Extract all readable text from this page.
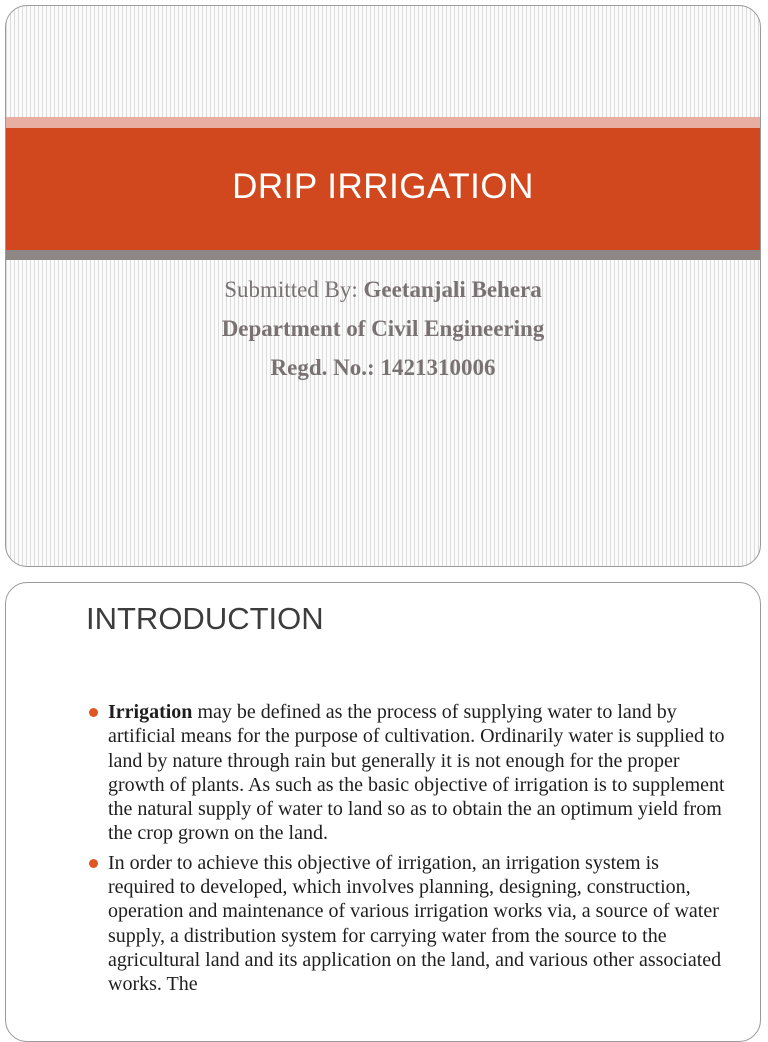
DRIP IRRIGATION
Submitted By: Geetanjali Behera
Department of Civil Engineering
Regd. No.: 1421310006
INTRODUCTION
Irrigation may be defined as the process of supplying water to land by artificial means for the purpose of cultivation. Ordinarily water is supplied to land by nature through rain but generally it is not enough for the proper growth of plants. As such as the basic objective of irrigation is to supplement the natural supply of water to land so as to obtain the an optimum yield from the crop grown on the land.
In order to achieve this objective of irrigation, an irrigation system is required to developed, which involves planning, designing, construction, operation and maintenance of various irrigation works via, a source of water supply, a distribution system for carrying water from the source to the agricultural land and its application on the land, and various other associated works. The
